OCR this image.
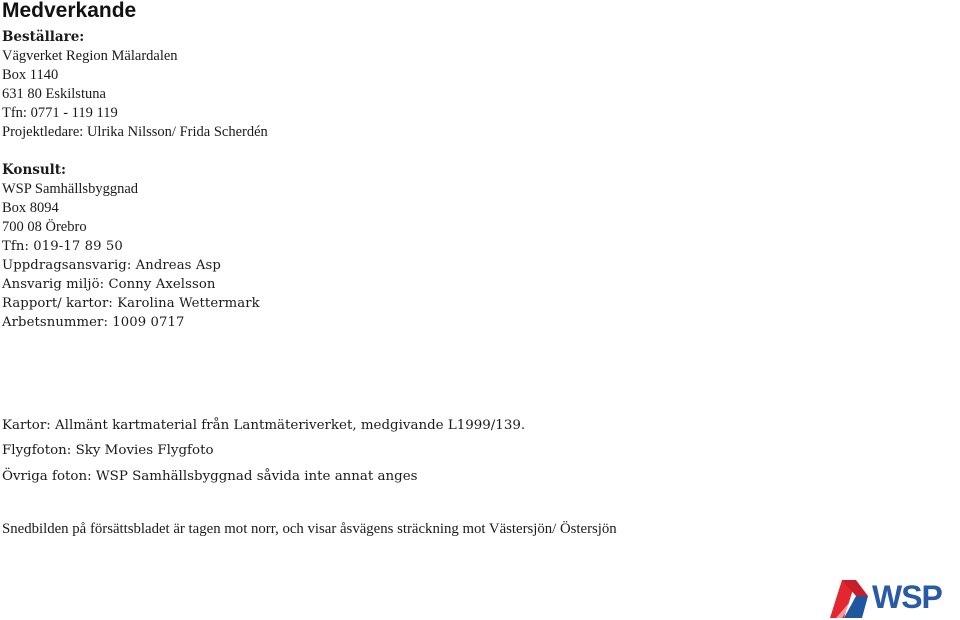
Medverkande
Beställare:
Vägverket Region Mälardalen
Box 1140
631 80 Eskilstuna
Tfn: 0771 - 119 119
Projektledare: Ulrika Nilsson/ Frida Scherdén
Konsult:
WSP Samhällsbyggnad
Box 8094
700 08 Örebro
Tfn: 019-17 89 50
Uppdragsansvarig: Andreas Asp
Ansvarig miljö: Conny Axelsson
Rapport/ kartor: Karolina Wettermark
Arbetsnummer: 1009 0717
Kartor: Allmänt kartmaterial från Lantmäteriverket, medgivande L1999/139.
Flygfoton: Sky Movies Flygfoto
Övriga foton: WSP Samhällsbyggnad såvida inte annat anges
Snedbilden på försättsbladet är tagen mot norr, och visar åsvägens sträckning mot Västersjön/ Östersjön
WSP
